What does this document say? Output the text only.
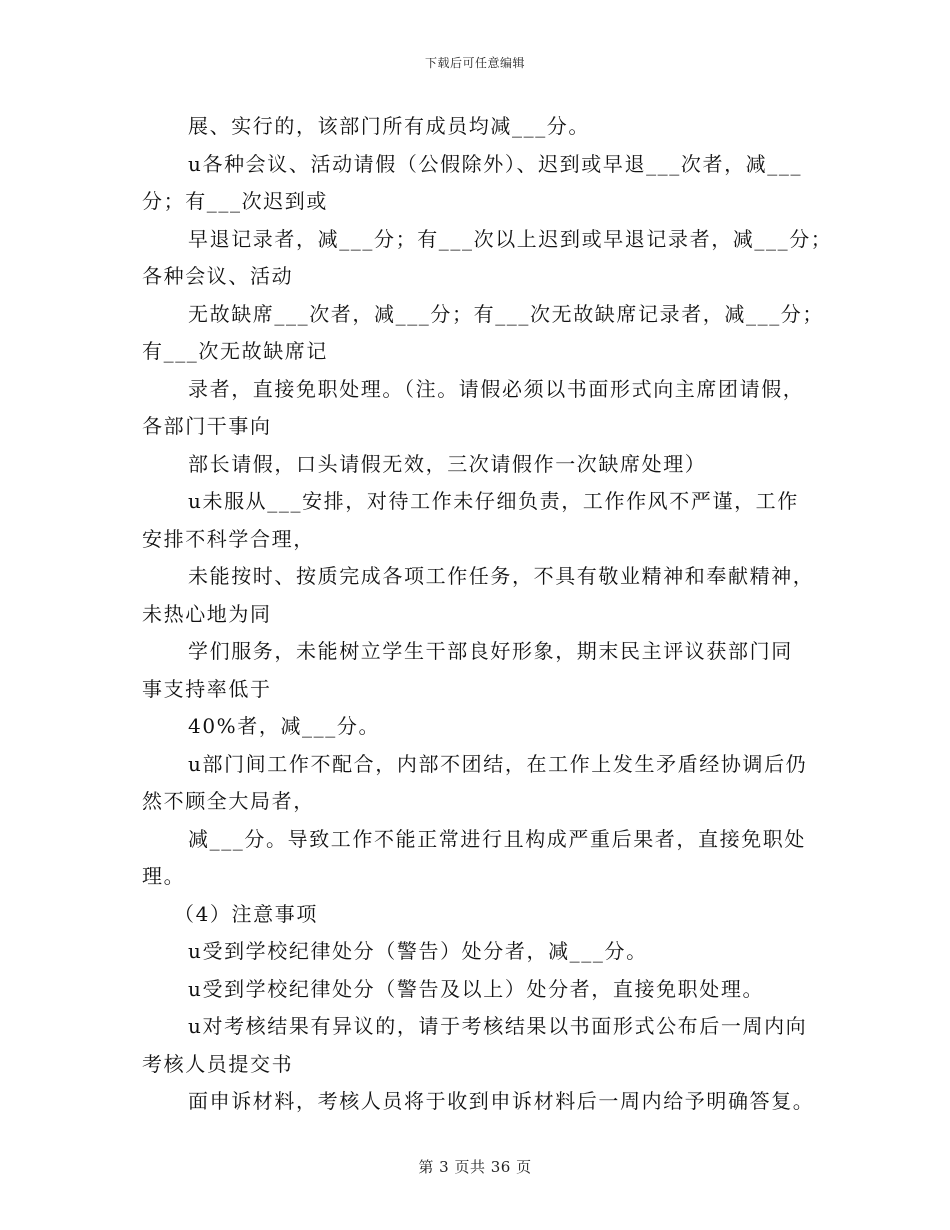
下载后可任意编辑
展、实行的，该部门所有成员均减___分。
u各种会议、活动请假（公假除外）、迟到或早退___次者，减___
分；有___次迟到或
早退记录者，减___分；有___次以上迟到或早退记录者，减___分；
各种会议、活动
无故缺席___次者，减___分；有___次无故缺席记录者，减___分；
有___次无故缺席记
录者，直接免职处理。（注。请假必须以书面形式向主席团请假，
各部门干事向
部长请假，口头请假无效，三次请假作一次缺席处理）
u未服从___安排，对待工作未仔细负责，工作作风不严谨，工作
安排不科学合理，
未能按时、按质完成各项工作任务，不具有敬业精神和奉献精神，
未热心地为同
学们服务，未能树立学生干部良好形象，期末民主评议获部门同
事支持率低于
40%者，减___分。
u部门间工作不配合，内部不团结，在工作上发生矛盾经协调后仍
然不顾全大局者，
减___分。导致工作不能正常进行且构成严重后果者，直接免职处
理。
（4）注意事项
u受到学校纪律处分（警告）处分者，减___分。
u受到学校纪律处分（警告及以上）处分者，直接免职处理。
u对考核结果有异议的，请于考核结果以书面形式公布后一周内向
考核人员提交书
面申诉材料，考核人员将于收到申诉材料后一周内给予明确答复。
第 3 页共 36 页
